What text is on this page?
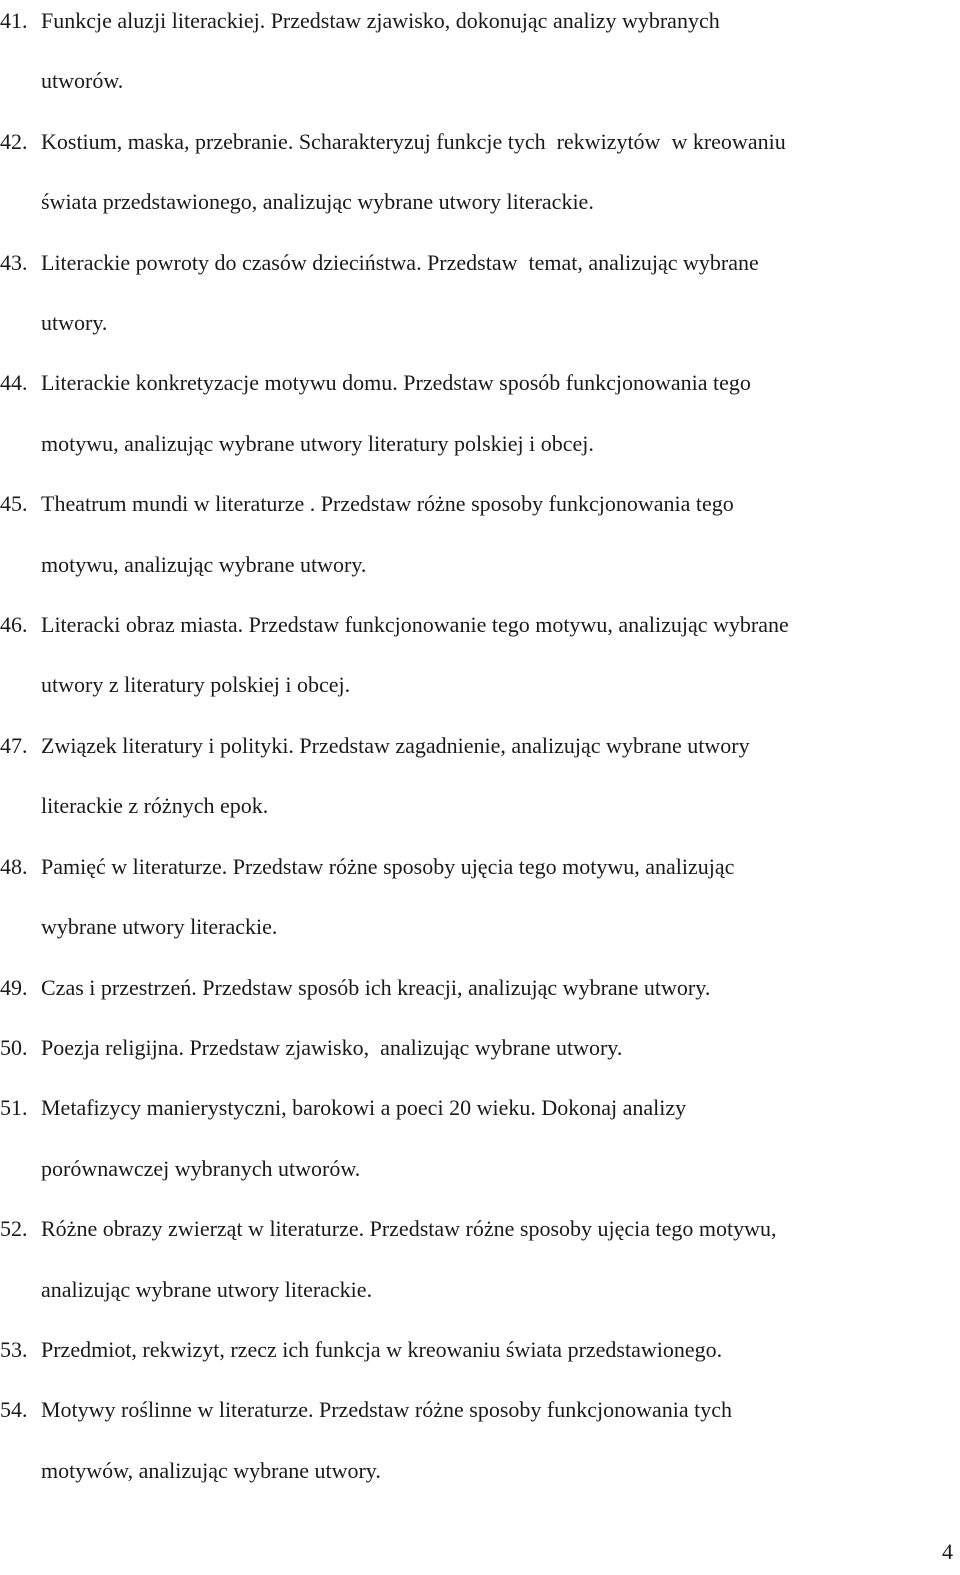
41. Funkcje aluzji literackiej. Przedstaw zjawisko, dokonując analizy wybranych
utworów.
42. Kostium, maska, przebranie. Scharakteryzuj funkcje tych  rekwizytów  w kreowaniu
świata przedstawionego, analizując wybrane utwory literackie.
43. Literackie powroty do czasów dzieciństwa. Przedstaw  temat, analizując wybrane
utwory.
44. Literackie konkretyzacje motywu domu. Przedstaw sposób funkcjonowania tego
motywu, analizując wybrane utwory literatury polskiej i obcej.
45. Theatrum mundi w literaturze . Przedstaw różne sposoby funkcjonowania tego
motywu, analizując wybrane utwory.
46. Literacki obraz miasta. Przedstaw funkcjonowanie tego motywu, analizując wybrane
utwory z literatury polskiej i obcej.
47. Związek literatury i polityki. Przedstaw zagadnienie, analizując wybrane utwory
literackie z różnych epok.
48. Pamięć w literaturze. Przedstaw różne sposoby ujęcia tego motywu, analizując
wybrane utwory literackie.
49. Czas i przestrzeń. Przedstaw sposób ich kreacji, analizując wybrane utwory.
50. Poezja religijna. Przedstaw zjawisko,  analizując wybrane utwory.
51. Metafizycy manierystyczni, barokowi a poeci 20 wieku. Dokonaj analizy
porównawczej wybranych utworów.
52. Różne obrazy zwierząt w literaturze. Przedstaw różne sposoby ujęcia tego motywu,
analizując wybrane utwory literackie.
53. Przedmiot, rekwizyt, rzecz ich funkcja w kreowaniu świata przedstawionego.
54. Motywy roślinne w literaturze. Przedstaw różne sposoby funkcjonowania tych
motywów, analizując wybrane utwory.
4
